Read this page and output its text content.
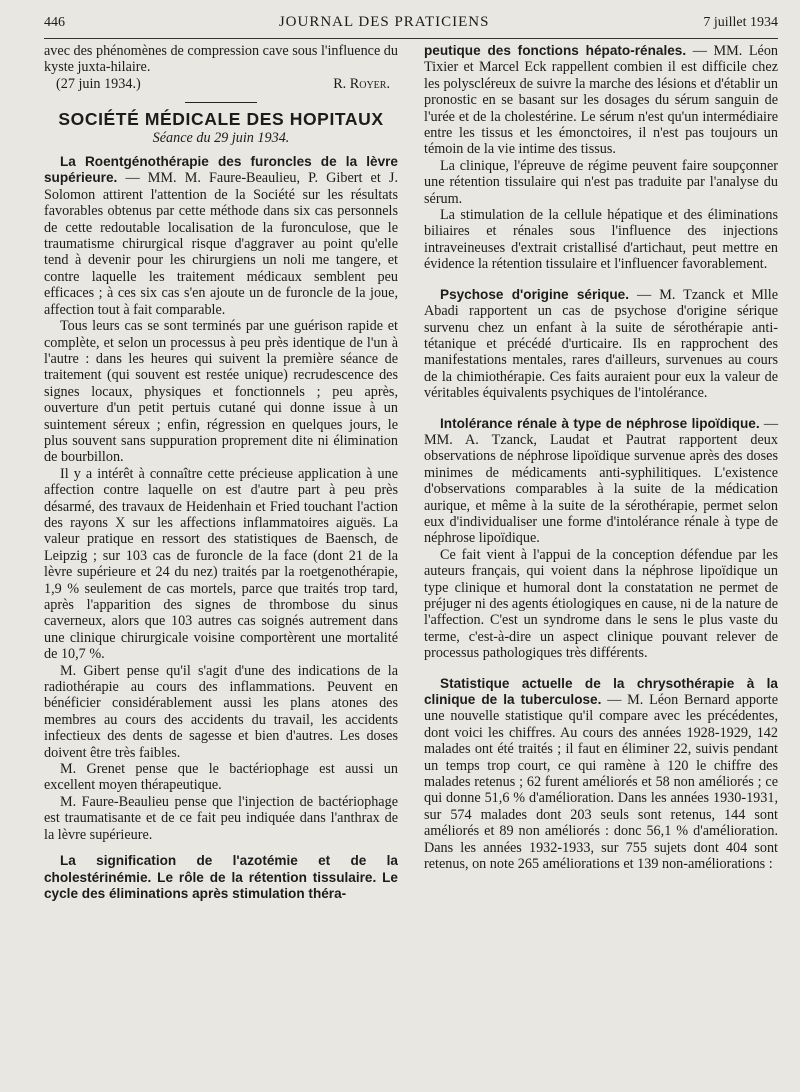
446	JOURNAL DES PRATICIENS	7 juillet 1934

avec des phénomènes de compression cave sous l'influence du kyste juxta-hilaire.

(27 juin 1934.)	R. Royer.
SOCIÉTÉ MÉDICALE DES HOPITAUX
Séance du 29 juin 1934.

La Roentgénothérapie des furoncles de la lèvre supérieure. — MM. M. Faure-Beaulieu, P. Gibert et J. Solomon attirent l'attention de la Société sur les résultats favorables obtenus par cette méthode dans six cas personnels de cette redoutable localisation de la furonculose, que le traumatisme chirurgical risque d'aggraver au point qu'elle tend à devenir pour les chirurgiens un noli me tangere, et contre laquelle les traitement médicaux semblent peu efficaces ; à ces six cas s'en ajoute un de furoncle de la joue, affection tout à fait comparable.

Tous leurs cas se sont terminés par une guérison rapide et complète, et selon un processus à peu près identique de l'un à l'autre : dans les heures qui suivent la première séance de traitement (qui souvent est restée unique) recrudescence des signes locaux, physiques et fonctionnels ; peu après, ouverture d'un petit pertuis cutané qui donne issue à un suintement séreux ; enfin, régression en quelques jours, le plus souvent sans suppuration proprement dite ni élimination de bourbillon.

Il y a intérêt à connaître cette précieuse application à une affection contre laquelle on est d'autre part à peu près désarmé, des travaux de Heidenhain et Fried touchant l'action des rayons X sur les affections inflammatoires aiguës. La valeur pratique en ressort des statistiques de Baensch, de Leipzig ; sur 103 cas de furoncle de la face (dont 21 de la lèvre supérieure et 24 du nez) traités par la roetgenothérapie, 1,9 % seulement de cas mortels, parce que traités trop tard, après l'apparition des signes de thrombose du sinus caverneux, alors que 103 autres cas soignés autrement dans une clinique chirurgicale voisine comportèrent une mortalité de 10,7 %.

M. Gibert pense qu'il s'agit d'une des indications de la radiothérapie au cours des inflammations. Peuvent en bénéficier considérablement aussi les plans atones des membres au cours des accidents du travail, les accidents infectieux des dents de sagesse et bien d'autres. Les doses doivent être très faibles.

M. Grenet pense que le bactériophage est aussi un excellent moyen thérapeutique.

M. Faure-Beaulieu pense que l'injection de bactériophage est traumatisante et de ce fait peu indiquée dans l'anthrax de la lèvre supérieure.

La signification de l'azotémie et de la cholestérinémie. Le rôle de la rétention tissulaire. Le cycle des éliminations après stimulation théra-

peutique des fonctions hépato-rénales. — MM. Léon Tixier et Marcel Eck rappellent combien il est difficile chez les polyscléreux de suivre la marche des lésions et d'établir un pronostic en se basant sur les dosages du sérum sanguin de l'urée et de la cholestérine. Le sérum n'est qu'un intermédiaire entre les tissus et les émonctoires, il n'est pas toujours un témoin de la vie intime des tissus.

La clinique, l'épreuve de régime peuvent faire soupçonner une rétention tissulaire qui n'est pas traduite par l'analyse du sérum.

La stimulation de la cellule hépatique et des éliminations biliaires et rénales sous l'influence des injections intraveineuses d'extrait cristallisé d'artichaut, peut mettre en évidence la rétention tissulaire et l'influencer favorablement.

Psychose d'origine sérique. — M. Tzanck et Mlle Abadi rapportent un cas de psychose d'origine sérique survenu chez un enfant à la suite de sérothérapie anti-tétanique et précédé d'urticaire. Ils en rapprochent des manifestations mentales, rares d'ailleurs, survenues au cours de la chimiothérapie. Ces faits auraient pour eux la valeur de véritables équivalents psychiques de l'intolérance.

Intolérance rénale à type de néphrose lipoïdique. — MM. A. Tzanck, Laudat et Pautrat rapportent deux observations de néphrose lipoïdique survenue après des doses minimes de médicaments anti-syphilitiques. L'existence d'observations comparables à la suite de la médication aurique, et même à la suite de la sérothérapie, permet selon eux d'individualiser une forme d'intolérance rénale à type de néphrose lipoïdique.

Ce fait vient à l'appui de la conception défendue par les auteurs français, qui voient dans la néphrose lipoïdique un type clinique et humoral dont la constatation ne permet de préjuger ni des agents étiologiques en cause, ni de la nature de l'affection. C'est un syndrome dans le sens le plus vaste du terme, c'est-à-dire un aspect clinique pouvant relever de processus pathologiques très différents.

Statistique actuelle de la chrysothérapie à la clinique de la tuberculose. — M. Léon Bernard apporte une nouvelle statistique qu'il compare avec les précédentes, dont voici les chiffres. Au cours des années 1928-1929, 142 malades ont été traités ; il faut en éliminer 22, suivis pendant un temps trop court, ce qui ramène à 120 le chiffre des malades retenus ; 62 furent améliorés et 58 non améliorés ; ce qui donne 51,6 % d'amélioration. Dans les années 1930-1931, sur 574 malades dont 203 seuls sont retenus, 144 sont améliorés et 89 non améliorés : donc 56,1 % d'amélioration. Dans les années 1932-1933, sur 755 sujets dont 404 sont retenus, on note 265 améliorations et 139 non-améliorations :
